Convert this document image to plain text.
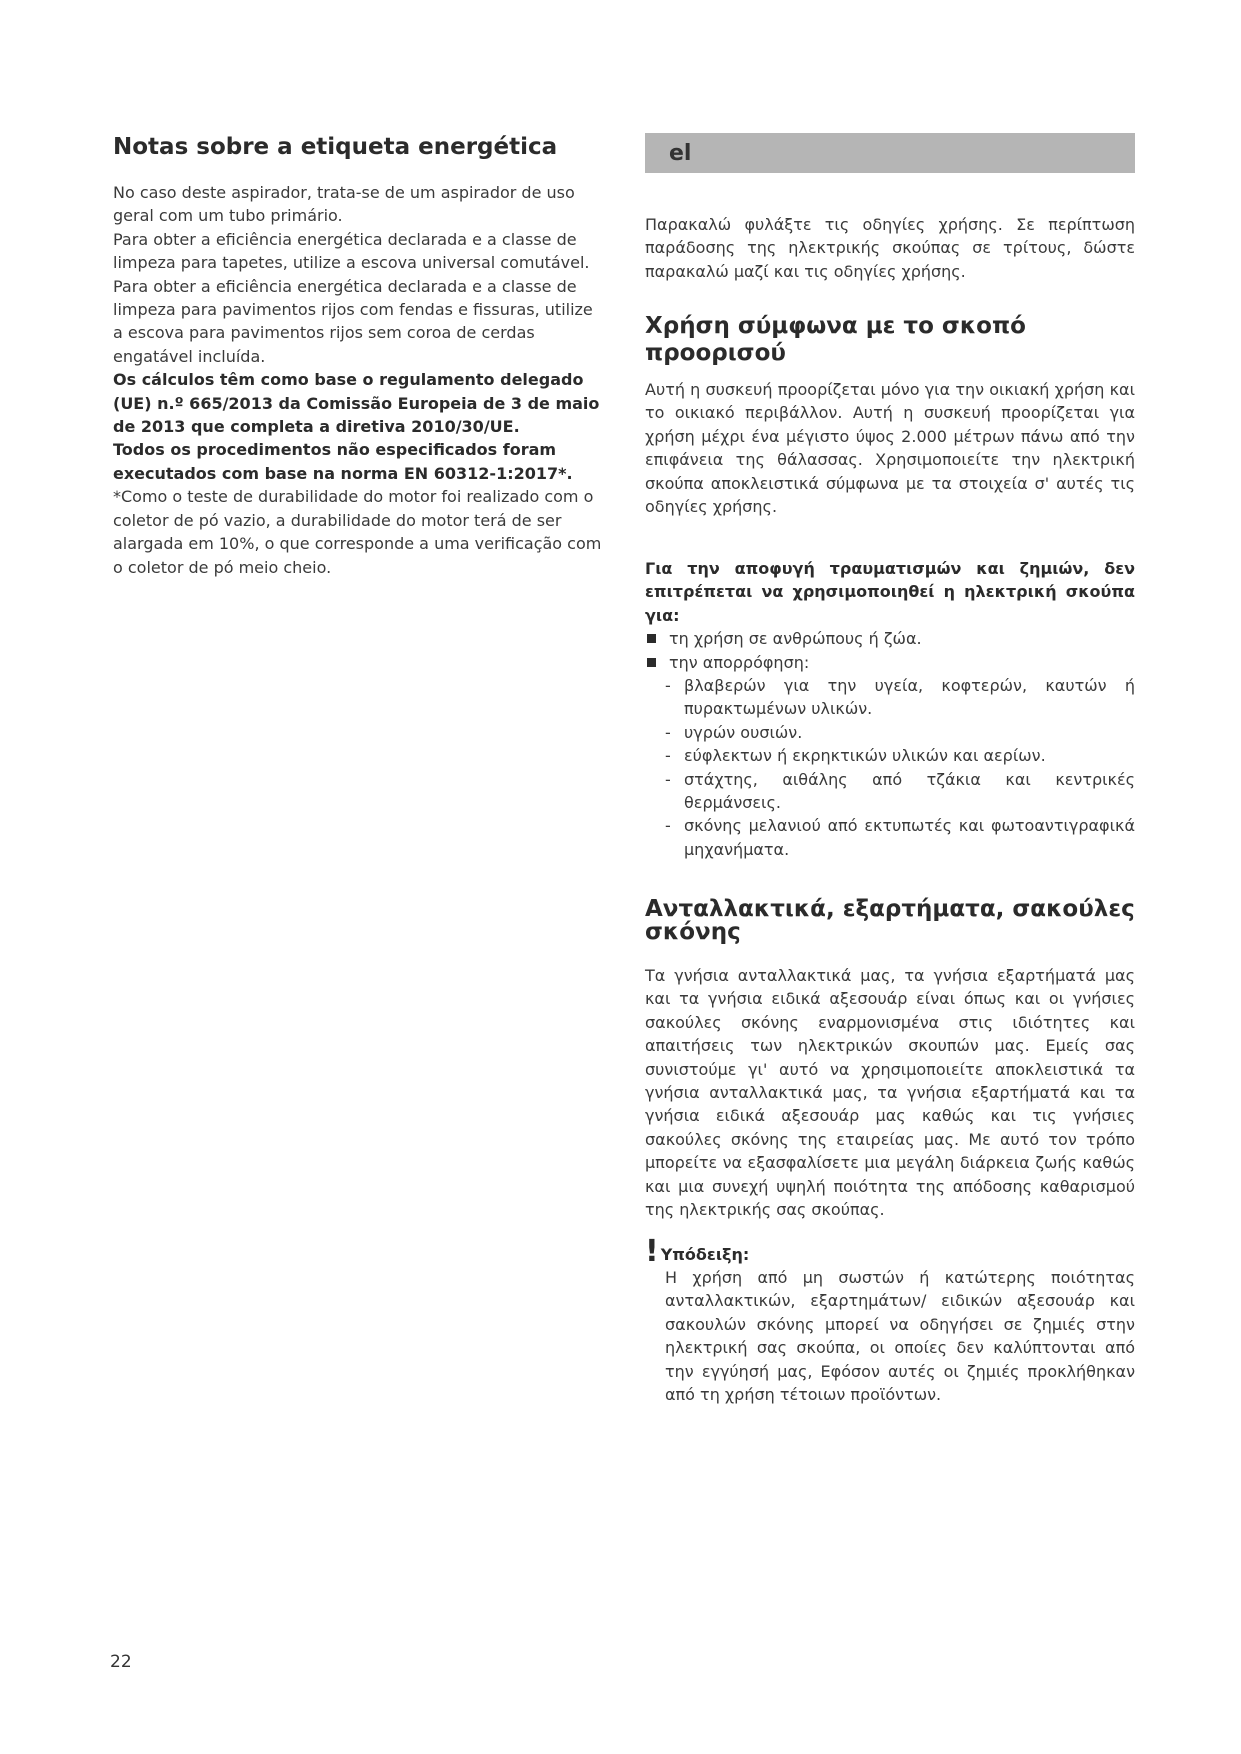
Notas sobre a etiqueta energética

No caso deste aspirador, trata-se de um aspirador de uso geral com um tubo primário.

Para obter a eficiência energética declarada e a classe de limpeza para tapetes, utilize a escova universal comutável.

Para obter a eficiência energética declarada e a classe de limpeza para pavimentos rijos com fendas e fissuras, utilize a escova para pavimentos rijos sem coroa de cerdas engatável incluída.

Os cálculos têm como base o regulamento delegado (UE) n.º 665/2013 da Comissão Europeia de 3 de maio de 2013 que completa a diretiva 2010/30/UE.

Todos os procedimentos não especificados foram executados com base na norma EN 60312-1:2017*.

*Como o teste de durabilidade do motor foi realizado com o coletor de pó vazio, a durabilidade do motor terá de ser alargada em 10%, o que corresponde a uma verificação com o coletor de pó meio cheio.

el

Παρακαλώ φυλάξτε τις οδηγίες χρήσης. Σε περίπτωση παράδοσης της ηλεκτρικής σκούπας σε τρίτους, δώστε παρακαλώ μαζί και τις οδηγίες χρήσης.

Χρήση σύμφωνα με το σκοπό προορισού

Αυτή η συσκευή προορίζεται μόνο για την οικιακή χρήση και το οικιακό περιβάλλον. Αυτή η συσκευή προορίζεται για χρήση μέχρι ένα μέγιστο ύψος 2.000 μέτρων πάνω από την επιφάνεια της θάλασσας. Χρησιμοποιείτε την ηλεκτρική σκούπα αποκλειστικά σύμφωνα με τα στοιχεία σ' αυτές τις οδηγίες χρήσης.

Για την αποφυγή τραυματισμών και ζημιών, δεν επιτρέπεται να χρησιμοποιηθεί η ηλεκτρική σκούπα για:

τη χρήση σε ανθρώπους ή ζώα.
την απορρόφηση:
- βλαβερών για την υγεία, κοφτερών, καυτών ή πυρακτωμένων υλικών.
- υγρών ουσιών.
- εύφλεκτων ή εκρηκτικών υλικών και αερίων.
- στάχτης, αιθάλης από τζάκια και κεντρικές θερμάνσεις.
- σκόνης μελανιού από εκτυπωτές και φωτοαντιγραφικά μηχανήματα.
Ανταλλακτικά, εξαρτήματα, σακούλες σκόνης

Τα γνήσια ανταλλακτικά μας, τα γνήσια εξαρτήματά μας και τα γνήσια ειδικά αξεσουάρ είναι όπως και οι γνήσιες σακούλες σκόνης εναρμονισμένα στις ιδιότητες και απαιτήσεις των ηλεκτρικών σκουπών μας. Εμείς σας συνιστούμε γι' αυτό να χρησιμοποιείτε αποκλειστικά τα γνήσια ανταλλακτικά μας, τα γνήσια εξαρτήματά και τα γνήσια ειδικά αξεσουάρ μας καθώς και τις γνήσιες σακούλες σκόνης της εταιρείας μας. Με αυτό τον τρόπο μπορείτε να εξασφαλίσετε μια μεγάλη διάρκεια ζωής καθώς και μια συνεχή υψηλή ποιότητα της απόδοσης καθαρισμού της ηλεκτρικής σας σκούπας.

! Υπόδειξη:

Η χρήση από μη σωστών ή κατώτερης ποιότητας ανταλλακτικών, εξαρτημάτων/ ειδικών αξεσουάρ και σακουλών σκόνης μπορεί να οδηγήσει σε ζημιές στην ηλεκτρική σας σκούπα, οι οποίες δεν καλύπτονται από την εγγύησή μας, Εφόσον αυτές οι ζημιές προκλήθηκαν από τη χρήση τέτοιων προϊόντων.

22
